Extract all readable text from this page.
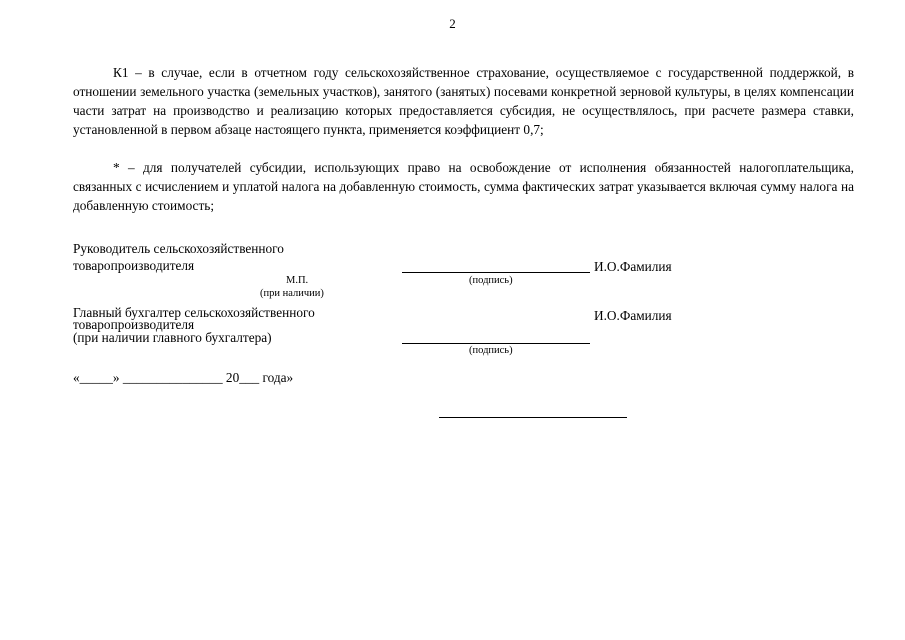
2
К1 – в случае, если в отчетном году сельскохозяйственное страхование, осуществляемое с государственной поддержкой, в отношении земельного участка (земельных участков), занятого (занятых) посевами конкретной зерновой культуры, в целях компенсации части затрат на производство и реализацию которых предоставляется субсидия, не осуществлялось, при расчете размера ставки, установленной в первом абзаце настоящего пункта, применяется коэффициент 0,7;
* – для получателей субсидии, использующих право на освобождение от исполнения обязанностей налогоплательщика, связанных с исчислением и уплатой налога на добавленную стоимость, сумма фактических затрат указывается включая сумму налога на добавленную стоимость;
Руководитель сельскохозяйственного
товаропроизводителя
М.П.
(при наличии)
(подпись)
И.О.Фамилия
Главный бухгалтер сельскохозяйственного
товаропроизводителя
(при наличии главного бухгалтера)
(подпись)
И.О.Фамилия
«_____» _______________ 20___ года»
